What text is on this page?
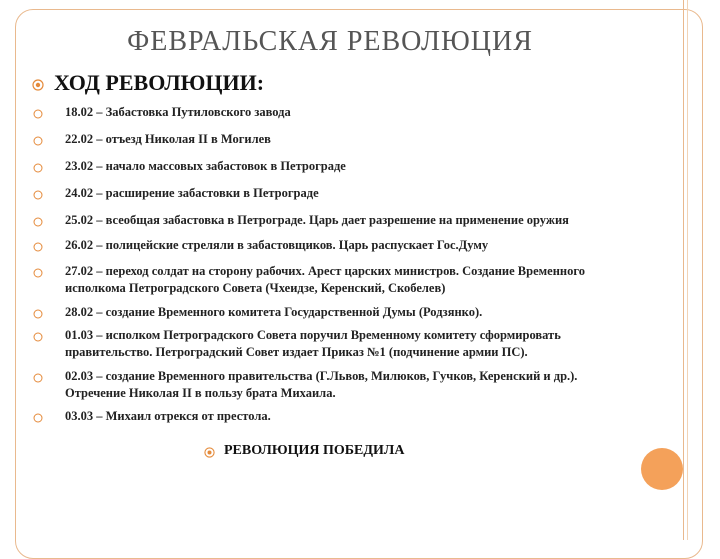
ФЕВРАЛЬСКАЯ РЕВОЛЮЦИЯ
ХОД РЕВОЛЮЦИИ:
18.02 – Забастовка Путиловского завода
22.02 – отъезд Николая II в Могилев
23.02 – начало массовых забастовок в Петрограде
24.02 – расширение забастовки в Петрограде
25.02 – всеобщая забастовка в Петрограде. Царь дает разрешение на применение оружия
26.02 – полицейские стреляли в забастовщиков. Царь распускает Гос.Думу
27.02 – переход солдат на сторону рабочих. Арест царских министров. Создание Временного исполкома Петроградского Совета (Чхеидзе, Керенский, Скобелев)
28.02 – создание Временного комитета Государственной Думы (Родзянко).
01.03 – исполком Петроградского Совета поручил Временному комитету сформировать правительство. Петроградский Совет издает Приказ №1 (подчинение армии ПС).
02.03 – создание Временного правительства (Г.Львов, Милюков, Гучков, Керенский и др.). Отречение Николая II в пользу брата Михаила.
03.03 – Михаил отрекся от престола.
РЕВОЛЮЦИЯ ПОБЕДИЛА
